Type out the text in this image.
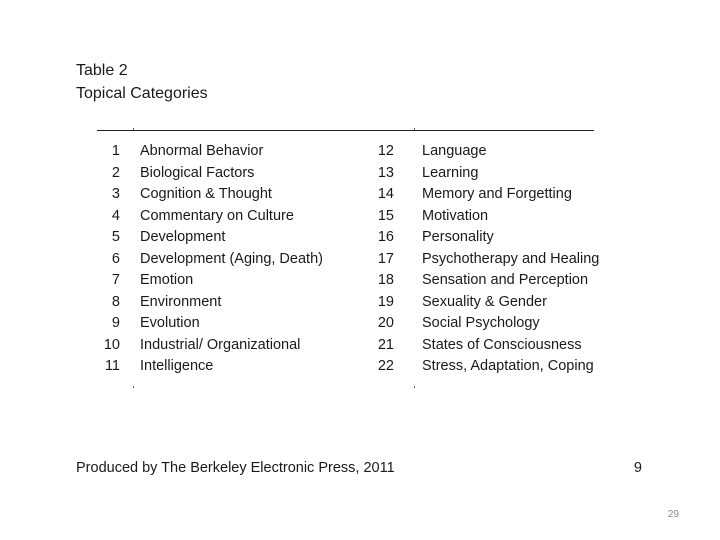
Table 2
Topical Categories
1 Abnormal Behavior	12 Language
2 Biological Factors	13 Learning
3 Cognition & Thought	14 Memory and Forgetting
4 Commentary on Culture	15 Motivation
5 Development	16 Personality
6 Development (Aging, Death)	17 Psychotherapy and Healing
7 Emotion	18 Sensation and Perception
8 Environment	19 Sexuality & Gender
9 Evolution	20 Social Psychology
10 Industrial/ Organizational	21 States of Consciousness
11 Intelligence	22 Stress, Adaptation, Coping
Produced by The Berkeley Electronic Press, 2011	9
29
